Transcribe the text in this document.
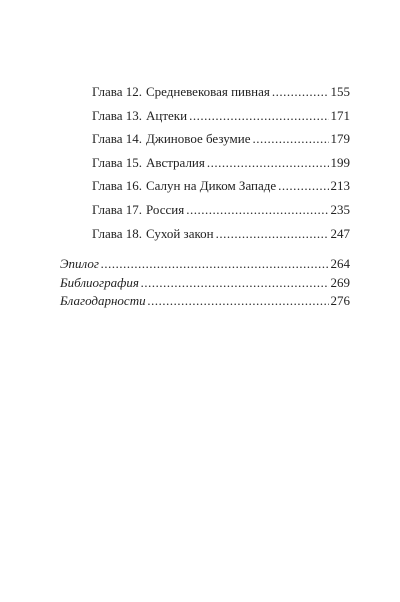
Глава 12. Средневековая пивная .....	155
Глава 13. Ацтеки .....	171
Глава 14. Джиновое безумие .....	179
Глава 15. Австралия .....	199
Глава 16. Салун на Диком Западе .....	213
Глава 17. Россия .....	235
Глава 18. Сухой закон .....	247
Эпилог .....	264
Библиография .....	269
Благодарности .....	276
